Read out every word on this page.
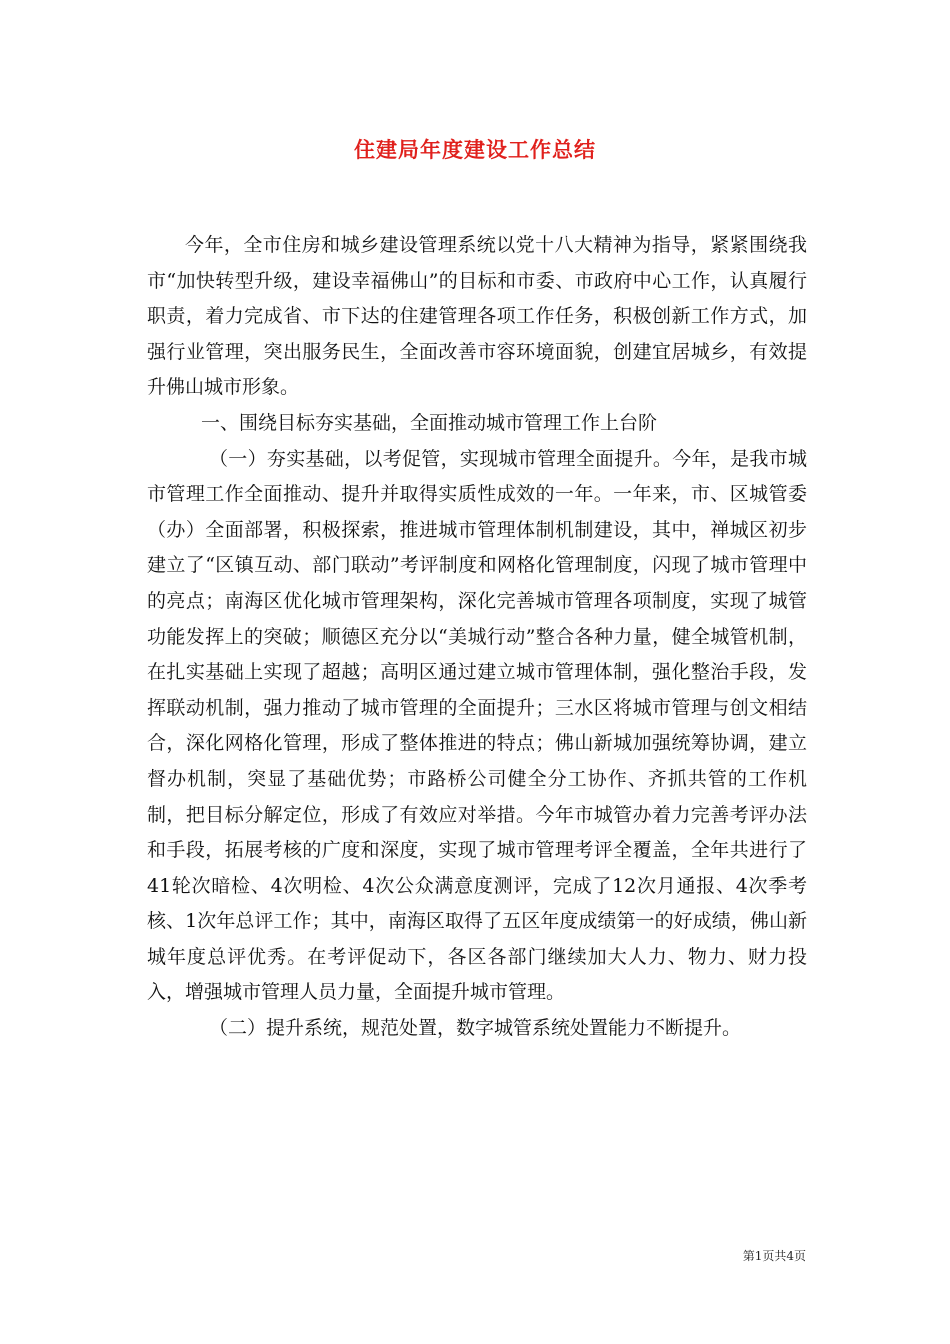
住建局年度建设工作总结

今年，全市住房和城乡建设管理系统以党十八大精神为指导，紧紧围绕我市“加快转型升级，建设幸福佛山”的目标和市委、市政府中心工作，认真履行职责，着力完成省、市下达的住建管理各项工作任务，积极创新工作方式，加强行业管理，突出服务民生，全面改善市容环境面貌，创建宜居城乡，有效提升佛山城市形象。

一、围绕目标夯实基础，全面推动城市管理工作上台阶

（一）夯实基础，以考促管，实现城市管理全面提升。今年，是我市城市管理工作全面推动、提升并取得实质性成效的一年。一年来，市、区城管委（办）全面部署，积极探索，推进城市管理体制机制建设，其中，禅城区初步建立了“区镇互动、部门联动”考评制度和网格化管理制度，闪现了城市管理中的亮点；南海区优化城市管理架构，深化完善城市管理各项制度，实现了城管功能发挥上的突破；顺德区充分以“美城行动”整合各种力量，健全城管机制，在扎实基础上实现了超越；高明区通过建立城市管理体制，强化整治手段，发挥联动机制，强力推动了城市管理的全面提升；三水区将城市管理与创文相结合，深化网格化管理，形成了整体推进的特点；佛山新城加强统筹协调，建立督办机制，突显了基础优势；市路桥公司健全分工协作、齐抓共管的工作机制，把目标分解定位，形成了有效应对举措。今年市城管办着力完善考评办法和手段，拓展考核的广度和深度，实现了城市管理考评全覆盖，全年共进行了41轮次暗检、4次明检、4次公众满意度测评，完成了12次月通报、4次季考核、1次年总评工作；其中，南海区取得了五区年度成绩第一的好成绩，佛山新城年度总评优秀。在考评促动下，各区各部门继续加大人力、物力、财力投入，增强城市管理人员力量，全面提升城市管理。

（二）提升系统，规范处置，数字城管系统处置能力不断提升。

第1页共4页
